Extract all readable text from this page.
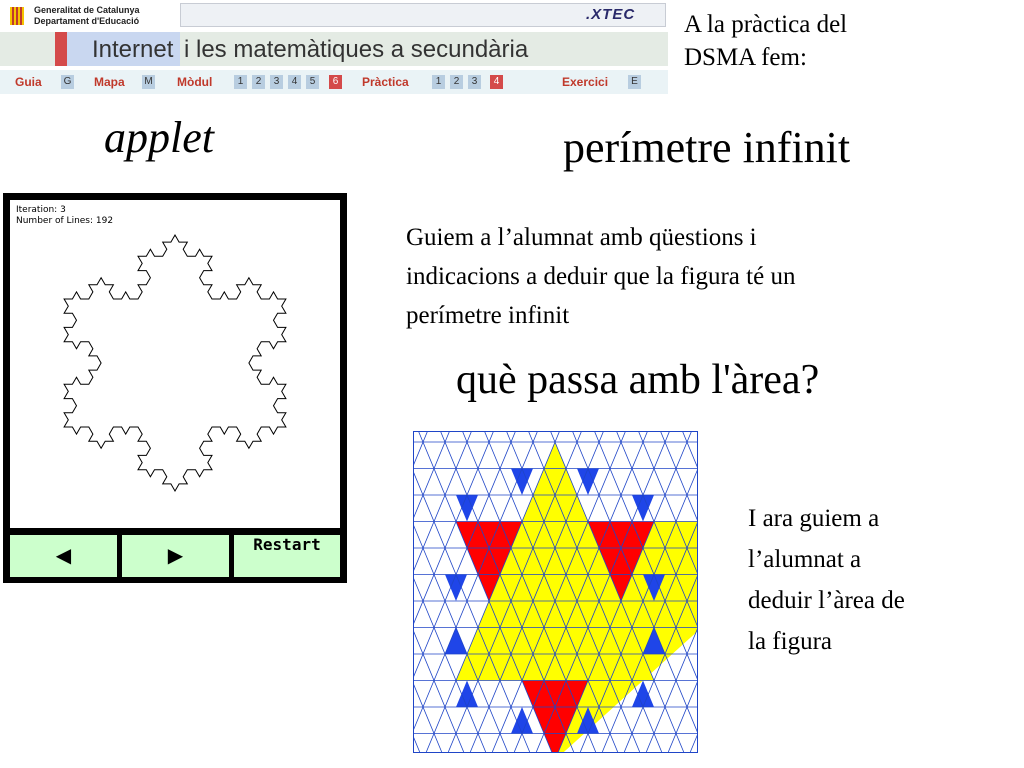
Generalitat de Catalunya
Departament d'Educació	.XTEC
Internet i les matemàtiques a secundària
Guia G Mapa M Mòdul	1	2	3	4	5	6	Pràctica	1	2	3	4	Exercici	E
A la pràctica del
DSMA fem:
applet	perímetre infinit
Guiem a l’alumnat amb qüestions i
indicacions a deduir que la figura té un
perímetre infinit
què passa amb l'àrea?
I ara guiem a
l’alumnat a
deduir l’àrea de
la figura
Iteration: 3
Number of Lines: 192
◀	▶
Restart
